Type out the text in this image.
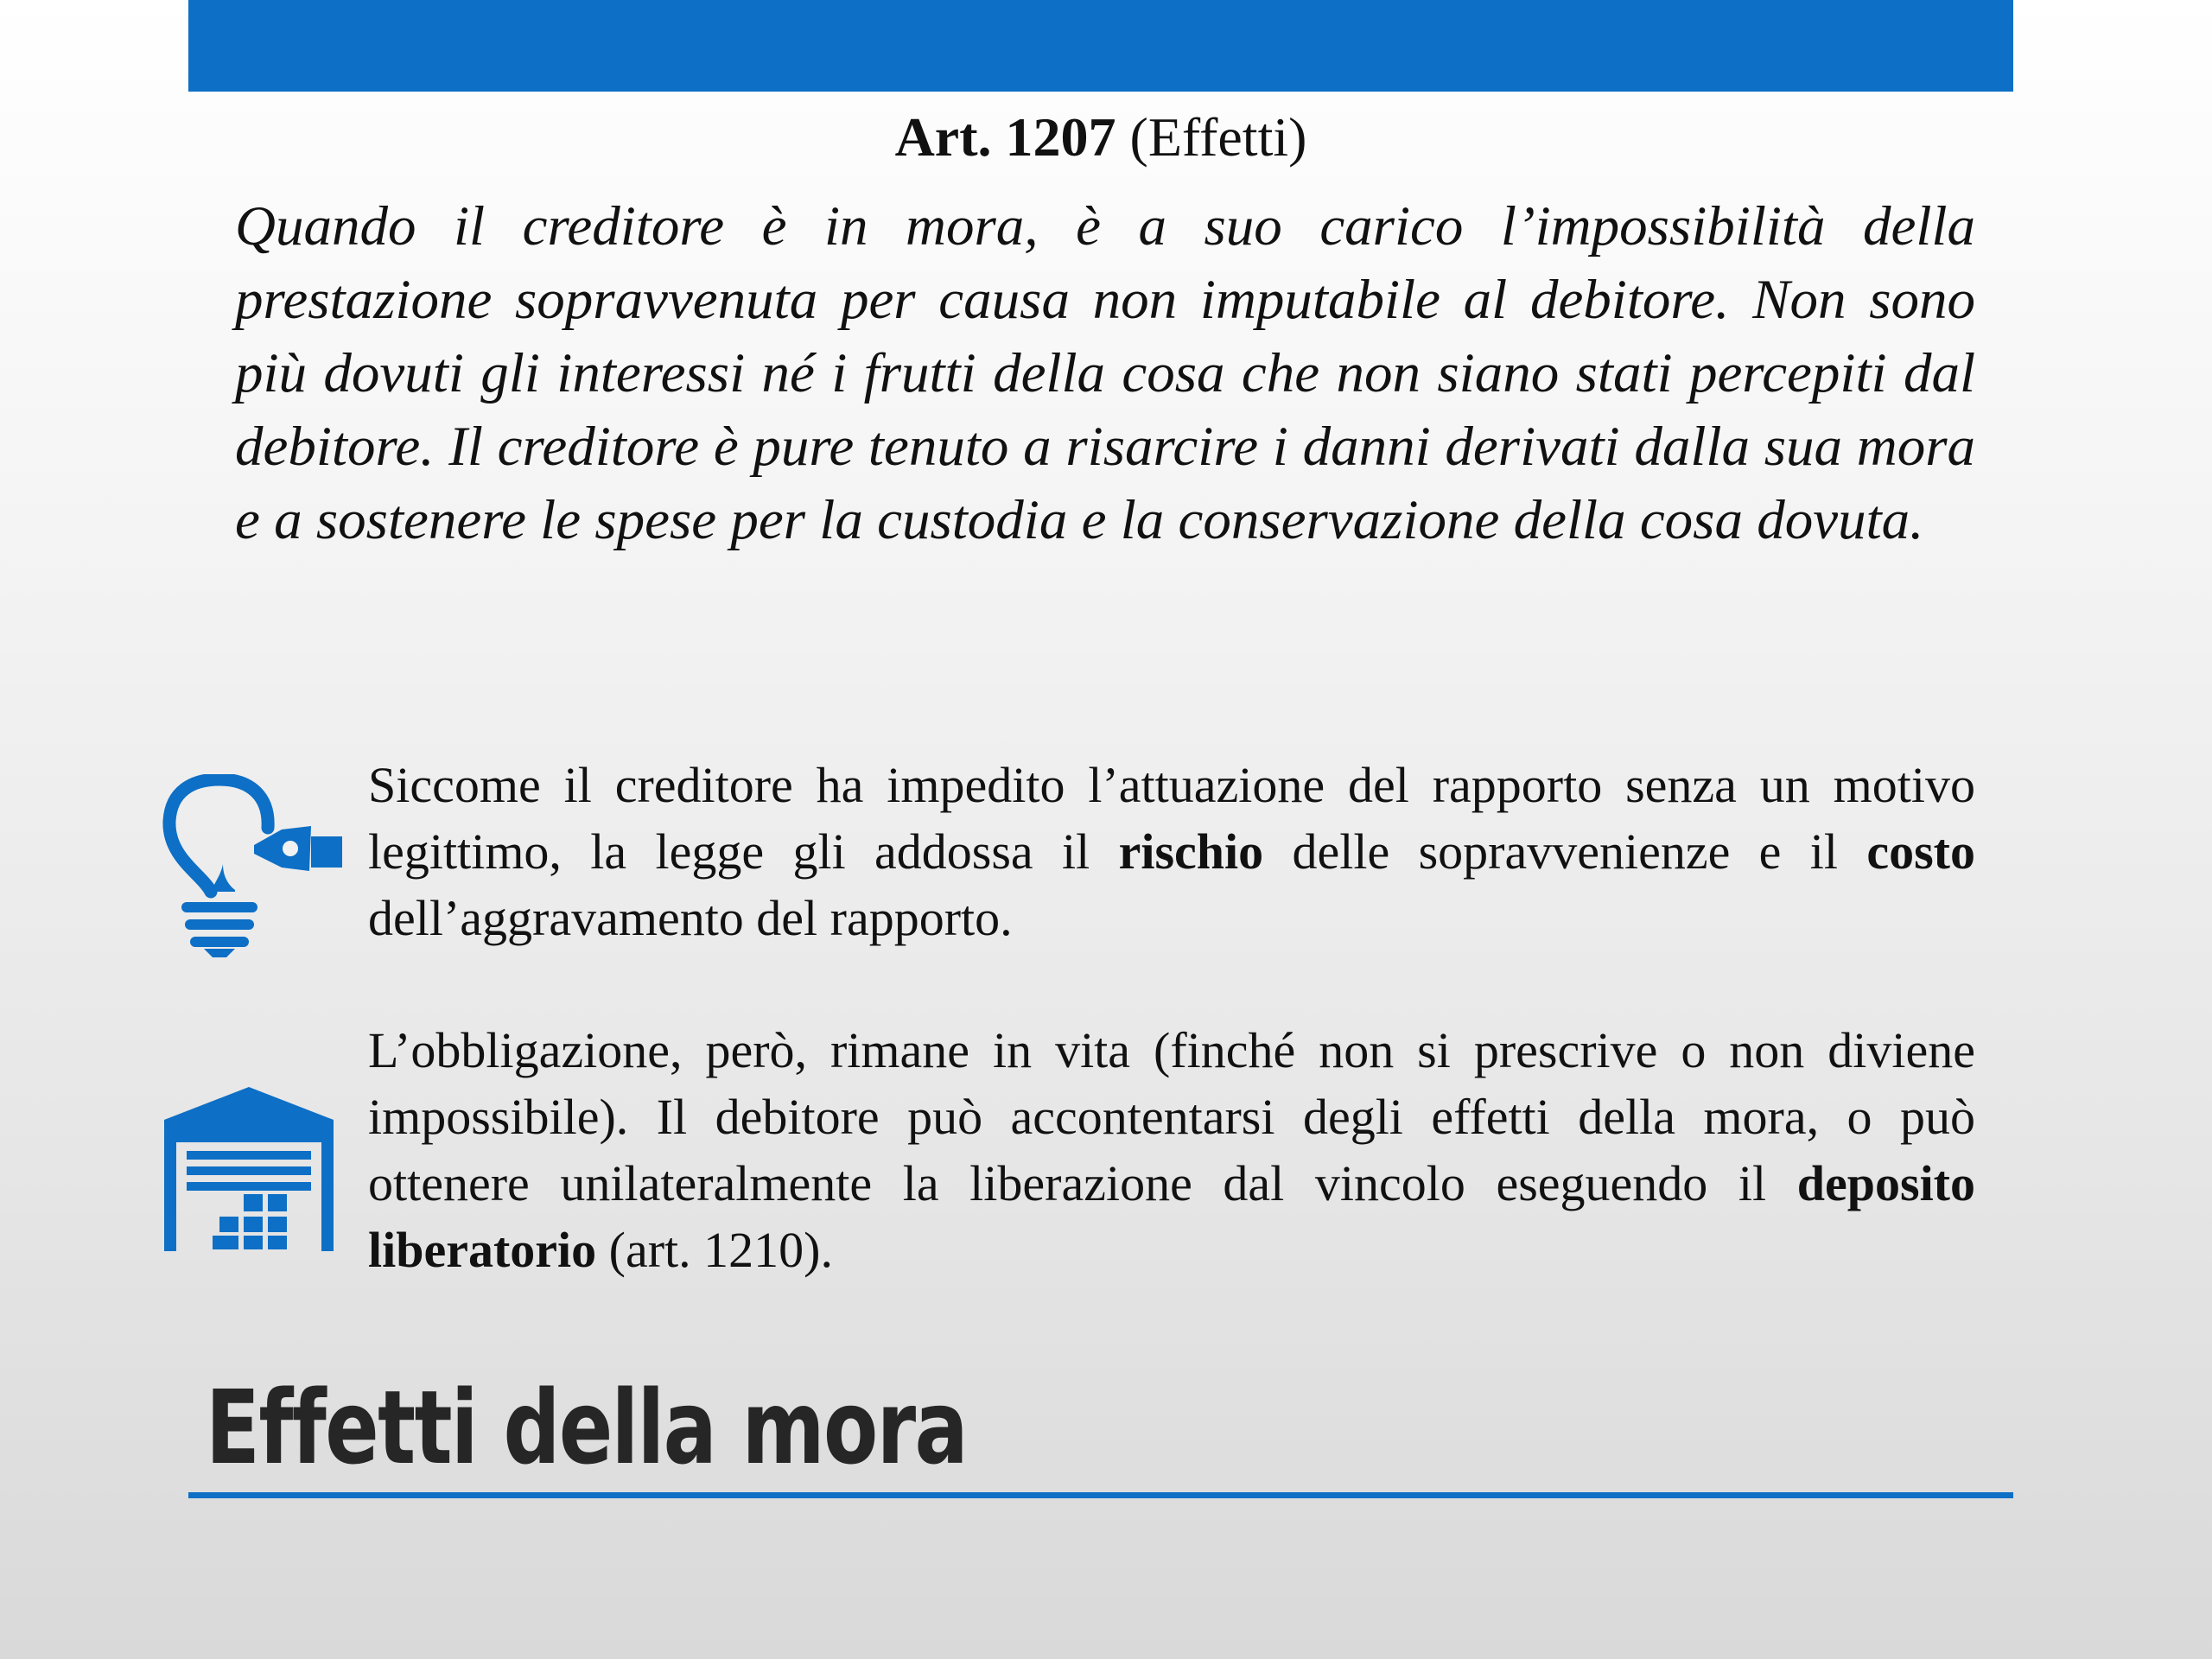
Art. 1207 (Effetti)
Quando il creditore è in mora, è a suo carico l’impossibilità della prestazione sopravvenuta per causa non imputabile al debitore. Non sono più dovuti gli interessi né i frutti della cosa che non siano stati percepiti dal debitore. Il creditore è pure tenuto a risarcire i danni derivati dalla sua mora e a sostenere le spese per la custodia e la conservazione della cosa dovuta.
Siccome il creditore ha impedito l’attuazione del rapporto senza un motivo legittimo, la legge gli addossa il rischio delle sopravvenienze e il costo dell’aggravamento del rapporto.
L’obbligazione, però, rimane in vita (finché non si prescrive o non diviene impossibile). Il debitore può accontentarsi degli effetti della mora, o può ottenere unilateralmente la liberazione dal vincolo eseguendo il deposito liberatorio (art. 1210).
Effetti della mora
